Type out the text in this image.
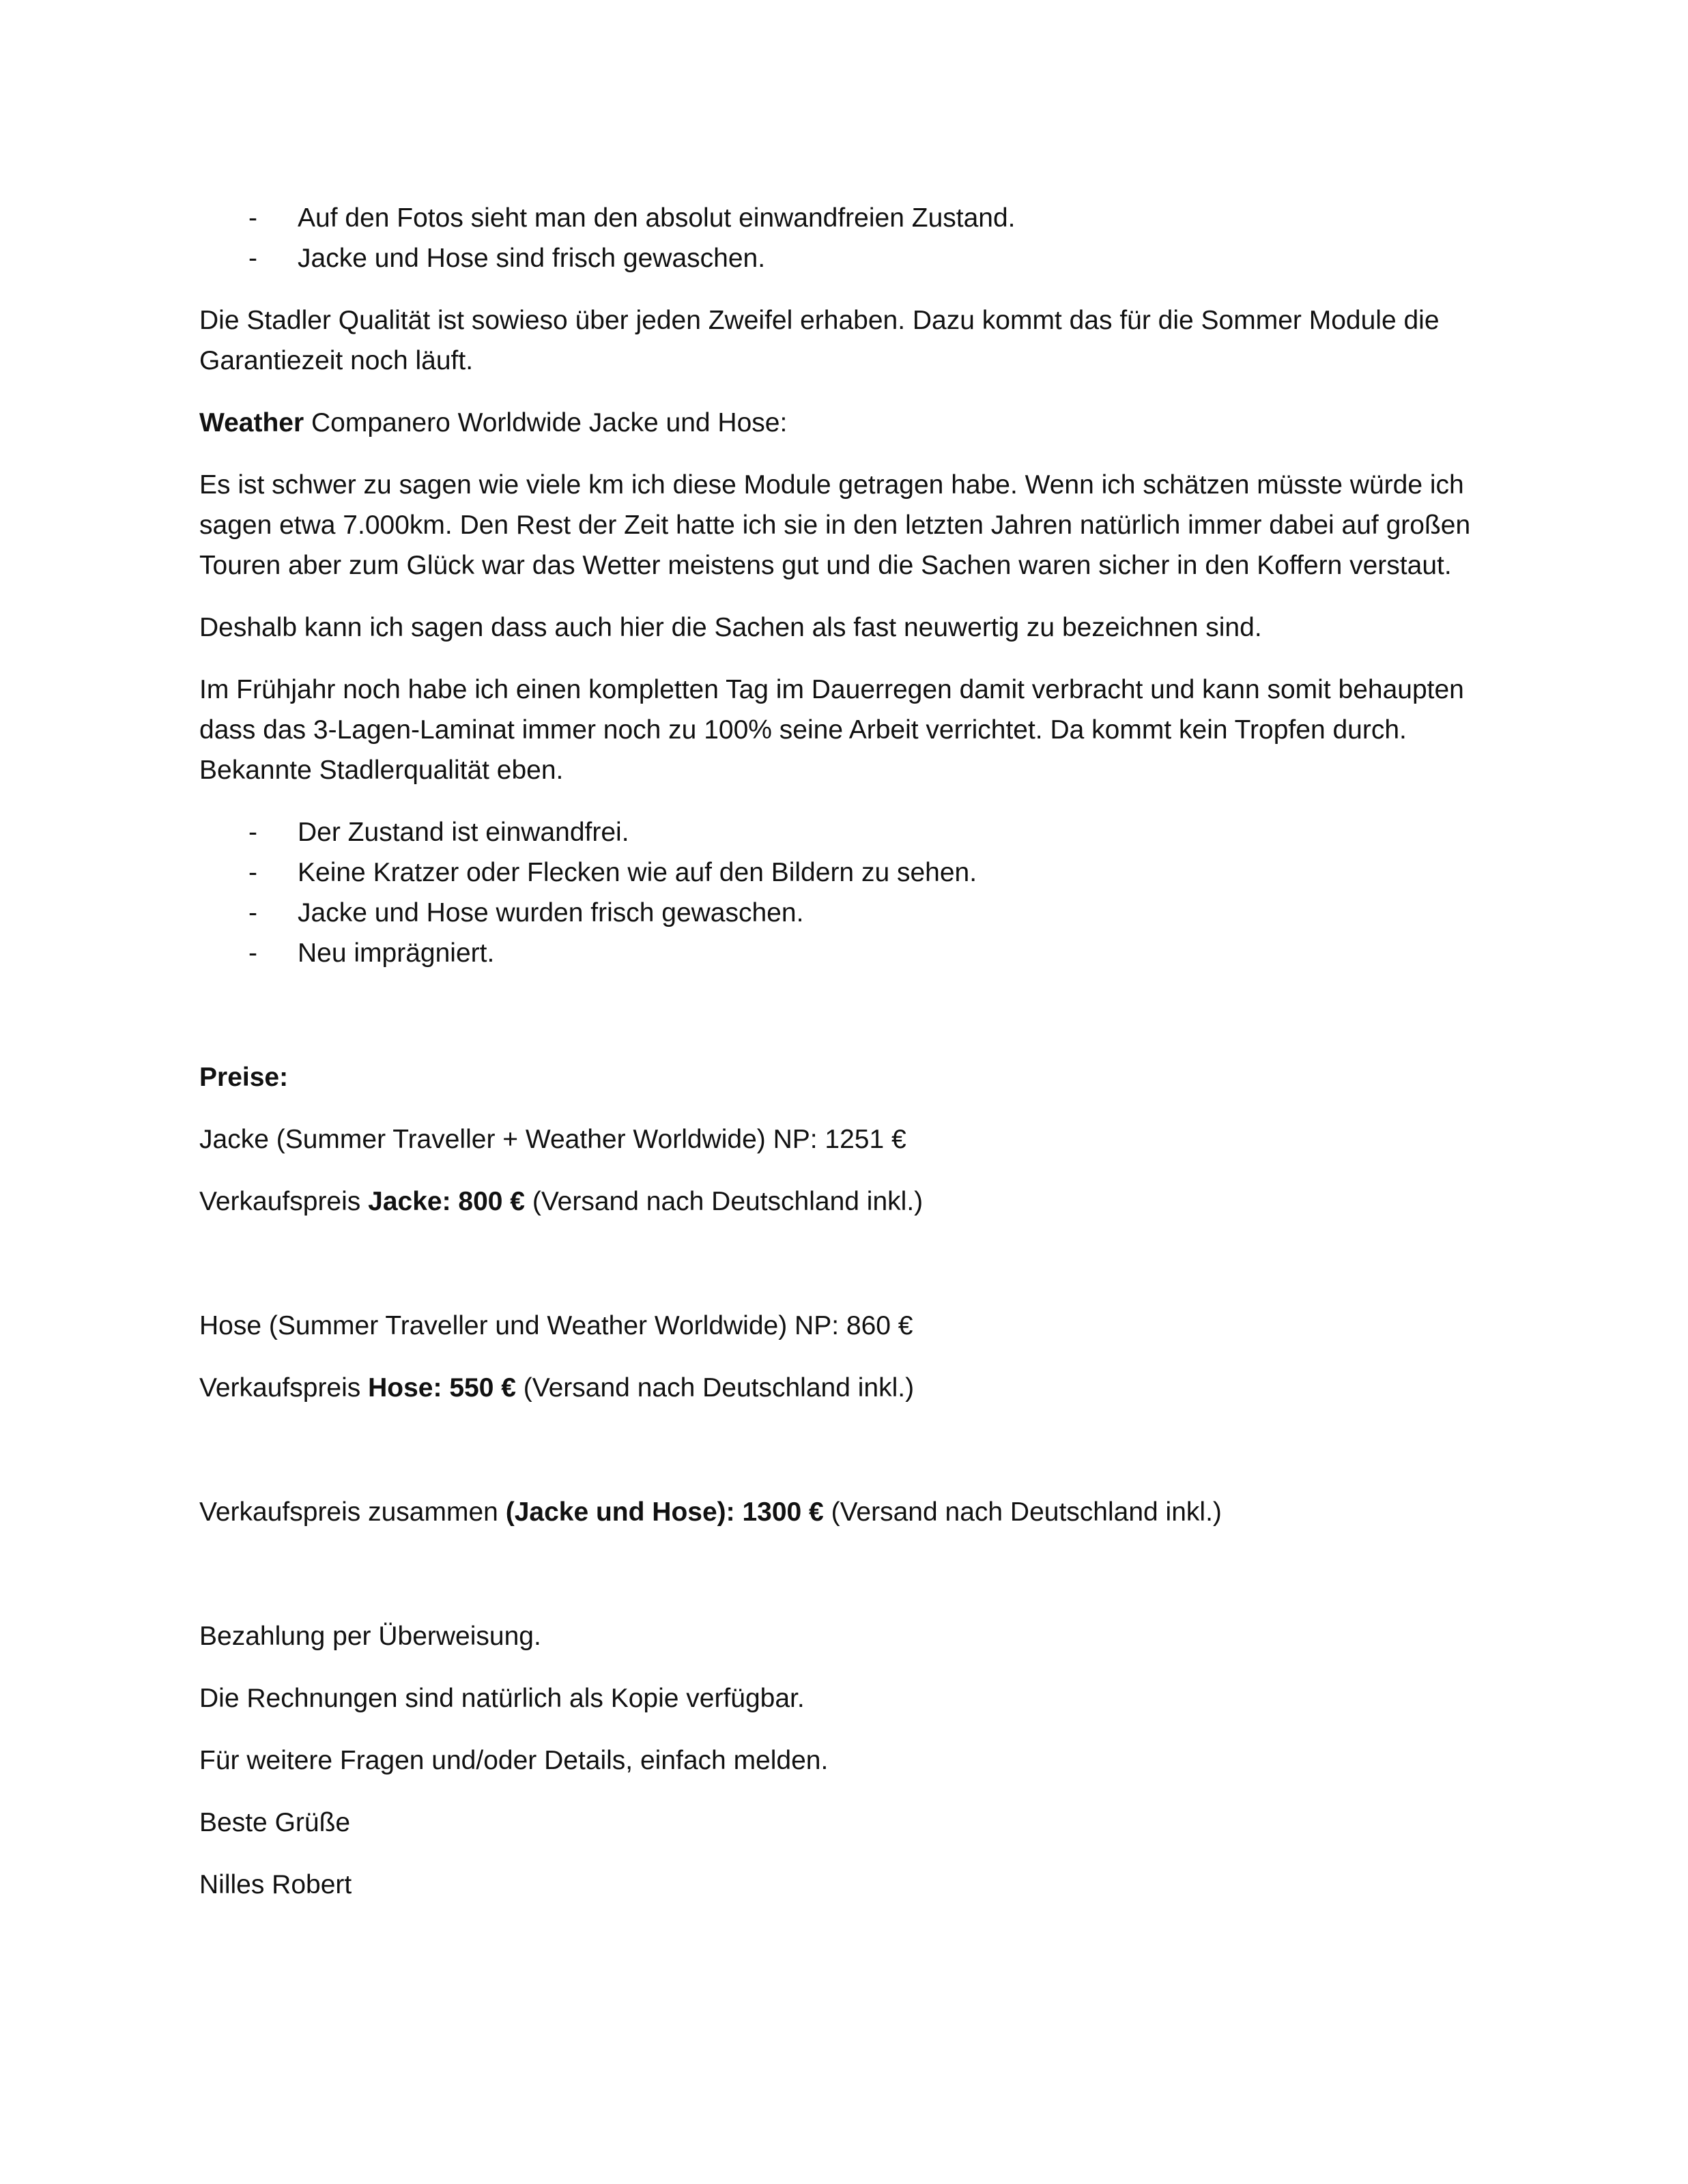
- Auf den Fotos sieht man den absolut einwandfreien Zustand.
- Jacke und Hose sind frisch gewaschen.

Die Stadler Qualität ist sowieso über jeden Zweifel erhaben. Dazu kommt das für die Sommer Module die Garantiezeit noch läuft.

Weather Companero Worldwide Jacke und Hose:

Es ist schwer zu sagen wie viele km ich diese Module getragen habe. Wenn ich schätzen müsste würde ich sagen etwa 7.000km. Den Rest der Zeit hatte ich sie in den letzten Jahren natürlich immer dabei auf großen Touren aber zum Glück war das Wetter meistens gut und die Sachen waren sicher in den Koffern verstaut.

Deshalb kann ich sagen dass auch hier die Sachen als fast neuwertig zu bezeichnen sind.

Im Frühjahr noch habe ich einen kompletten Tag im Dauerregen damit verbracht und kann somit behaupten dass das 3-Lagen-Laminat immer noch zu 100% seine Arbeit verrichtet. Da kommt kein Tropfen durch. Bekannte Stadlerqualität eben.

- Der Zustand ist einwandfrei.
- Keine Kratzer oder Flecken wie auf den Bildern zu sehen.
- Jacke und Hose wurden frisch gewaschen.
- Neu imprägniert.

Preise:

Jacke (Summer Traveller + Weather Worldwide) NP: 1251 €

Verkaufspreis Jacke: 800 € (Versand nach Deutschland inkl.)

Hose (Summer Traveller und Weather Worldwide) NP: 860 €

Verkaufspreis Hose: 550 € (Versand nach Deutschland inkl.)

Verkaufspreis zusammen (Jacke und Hose): 1300 € (Versand nach Deutschland inkl.)

Bezahlung per Überweisung.

Die Rechnungen sind natürlich als Kopie verfügbar.

Für weitere Fragen und/oder Details, einfach melden.

Beste Grüße

Nilles Robert
